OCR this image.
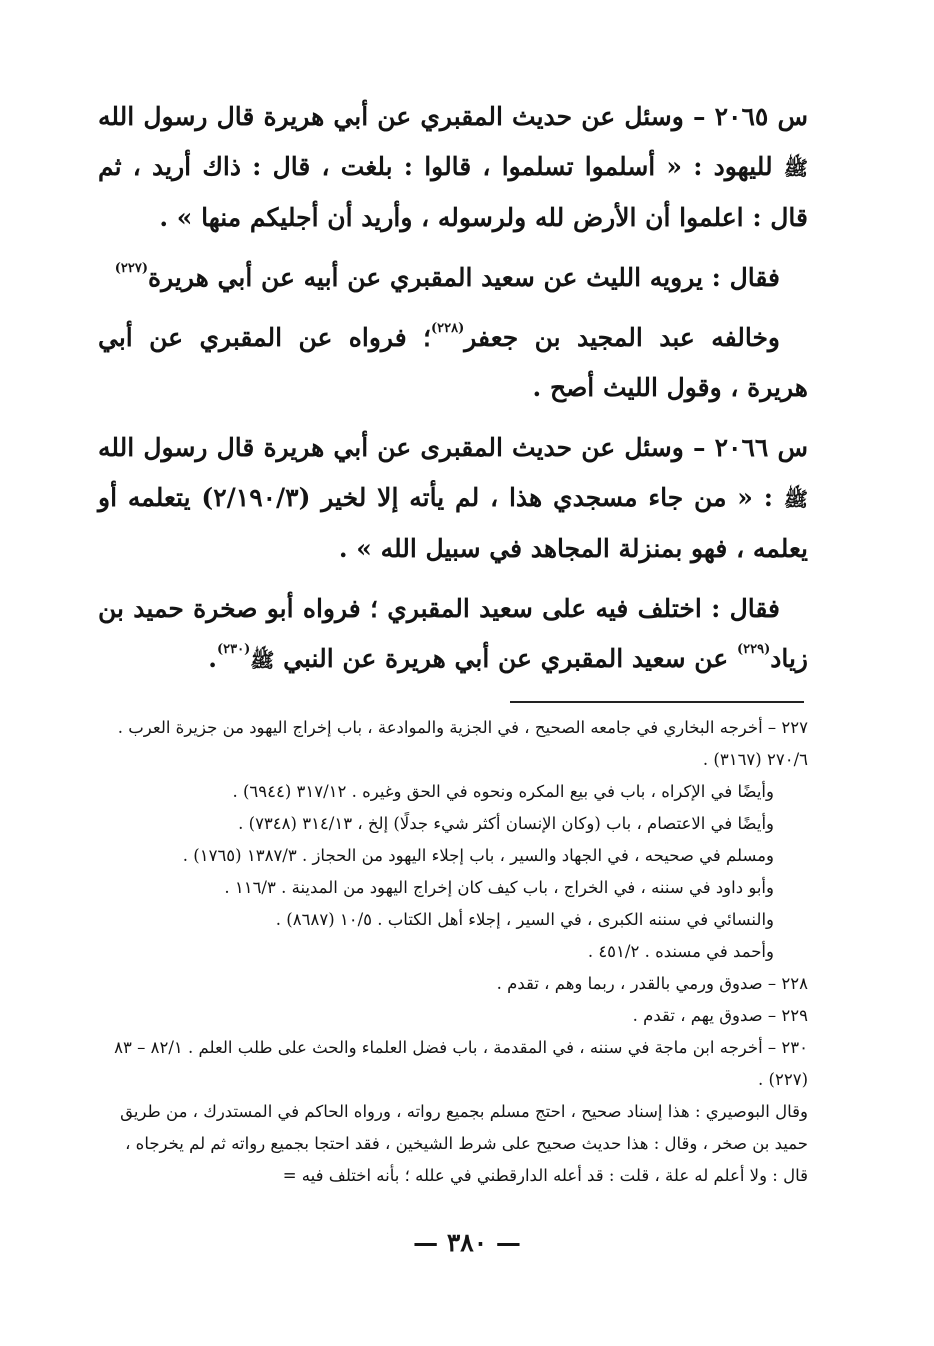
س ٢٠٦٥ – وسئل عن حديث المقبري عن أبي هريرة قال رسول الله ﷺ لليهود : « أسلموا تسلموا ، قالوا : بلغت ، قال : ذاك أريد ، ثم قال : اعلموا أن الأرض لله ولرسوله ، وأريد أن أجليكم منها » .

فقال : يرويه الليث عن سعيد المقبري عن أبيه عن أبي هريرة$^{(٢٢٧)}$

وخالفه عبد المجيد بن جعفر$^{(٢٢٨)}$؛ فرواه عن المقبري عن أبي هريرة ، وقول الليث أصح .

س ٢٠٦٦ – وسئل عن حديث المقبرى عن أبي هريرة قال رسول الله ﷺ : « من جاء مسجدي هذا ، لم يأته إلا لخير (٢/١٩٠/٣) يتعلمه أو يعلمه ، فهو بمنزلة المجاهد في سبيل الله » .

فقال : اختلف فيه على سعيد المقبري ؛ فرواه أبو صخرة حميد بن زياد$^{(٢٢٩)}$ عن سعيد المقبري عن أبي هريرة عن النبي ﷺ$^{(٢٣٠)}$.

٢٢٧ – أخرجه البخاري في جامعه الصحيح ، في الجزية والموادعة ، باب إخراج اليهود من جزيرة العرب . ٢٧٠/٦ (٣١٦٧) .

وأيضًا في الإكراه ، باب في بيع المكره ونحوه في الحق وغيره . ٣١٧/١٢ (٦٩٤٤) .

وأيضًا في الاعتصام ، باب (وكان الإنسان أكثر شيء جدلًا) إلخ ، ٣١٤/١٣ (٧٣٤٨) .

ومسلم في صحيحه ، في الجهاد والسير ، باب إجلاء اليهود من الحجاز . ١٣٨٧/٣ (١٧٦٥) .

وأبو داود في سننه ، في الخراج ، باب كيف كان إخراج اليهود من المدينة . ١١٦/٣ .

والنسائي في سننه الكبرى ، في السير ، إجلاء أهل الكتاب . ١٠/٥ (٨٦٨٧) .

وأحمد في مسنده . ٤٥١/٢ .

٢٢٨ – صدوق ورمي بالقدر ، ربما وهم ، تقدم .

٢٢٩ – صدوق يهم ، تقدم .

٢٣٠ – أخرجه ابن ماجة في سننه ، في المقدمة ، باب فضل العلماء والحث على طلب العلم . ٨٢/١ – ٨٣ (٢٢٧) .

وقال البوصيري : هذا إسناد صحيح ، احتج مسلم بجميع رواته ، ورواه الحاكم في المستدرك ، من طريق حميد بن صخر ، وقال : هذا حديث صحيح على شرط الشيخين ، فقد احتجا بجميع رواته ثم لم يخرجاه ، قال : ولا أعلم له علة ، قلت : قد أعله الدارقطني في علله ؛ بأنه اختلف فيه =

— ٣٨٠ —
